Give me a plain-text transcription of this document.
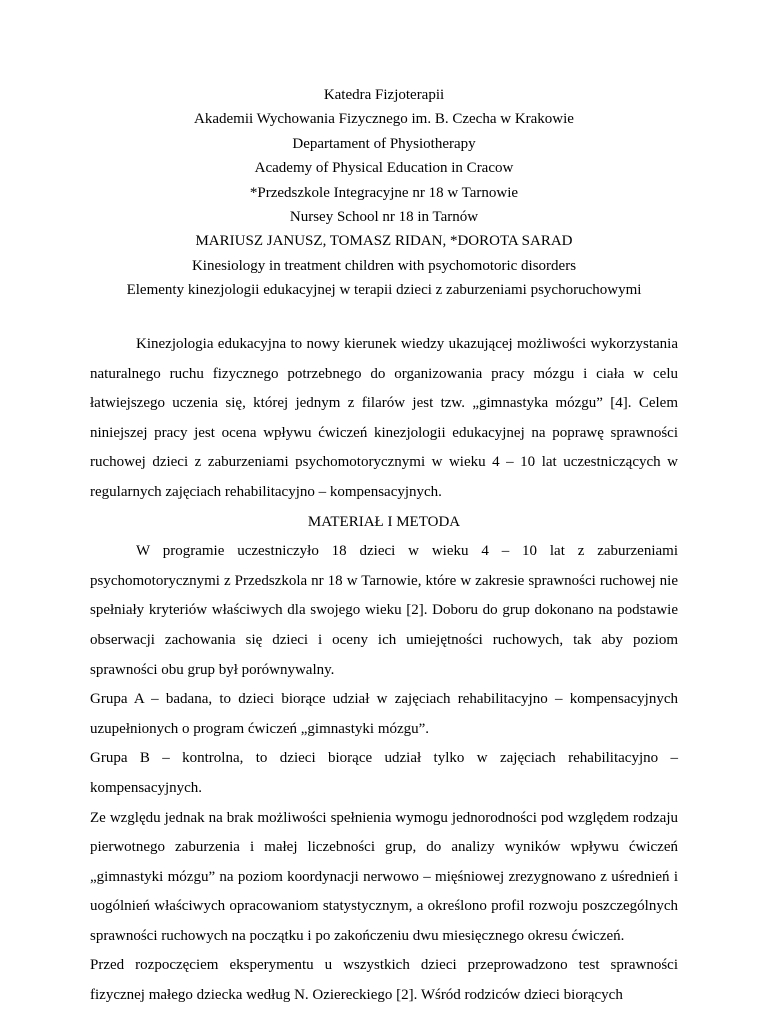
Katedra Fizjoterapii
Akademii Wychowania Fizycznego im. B. Czecha w Krakowie
Departament of Physiotherapy
Academy of Physical Education in Cracow
*Przedszkole Integracyjne nr 18 w Tarnowie
Nursey School nr 18 in Tarnów
MARIUSZ JANUSZ, TOMASZ RIDAN, *DOROTA SARAD
Kinesiology in treatment children with psychomotoric disorders
Elementy kinezjologii edukacyjnej w terapii dzieci z zaburzeniami psychoruchowymi

Kinezjologia edukacyjna to nowy kierunek wiedzy ukazującej możliwości wykorzystania naturalnego ruchu fizycznego potrzebnego do organizowania pracy mózgu i ciała w celu łatwiejszego uczenia się, której jednym z filarów jest tzw. „gimnastyka mózgu” [4]. Celem niniejszej pracy jest ocena wpływu ćwiczeń kinezjologii edukacyjnej na poprawę sprawności ruchowej dzieci z zaburzeniami psychomotorycznymi w wieku 4 – 10 lat uczestniczących w regularnych zajęciach rehabilitacyjno – kompensacyjnych.

MATERIAŁ I METODA

W programie uczestniczyło 18 dzieci w wieku 4 – 10 lat z zaburzeniami psychomotorycznymi z Przedszkola nr 18 w Tarnowie, które w zakresie sprawności ruchowej nie spełniały kryteriów właściwych dla swojego wieku [2]. Doboru do grup dokonano na podstawie obserwacji zachowania się dzieci i oceny ich umiejętności ruchowych, tak aby poziom sprawności obu grup był porównywalny.

Grupa A – badana, to dzieci biorące udział w zajęciach rehabilitacyjno – kompensacyjnych uzupełnionych o program ćwiczeń „gimnastyki mózgu”.

Grupa B – kontrolna, to dzieci biorące udział tylko w zajęciach rehabilitacyjno – kompensacyjnych.

Ze względu jednak na brak możliwości spełnienia wymogu jednorodności pod względem rodzaju pierwotnego zaburzenia i małej liczebności grup, do analizy wyników wpływu ćwiczeń „gimnastyki mózgu” na poziom koordynacji nerwowo – mięśniowej zrezygnowano z uśrednień i uogólnień właściwych opracowaniom statystycznym, a określono profil rozwoju poszczególnych sprawności ruchowych na początku i po zakończeniu dwu miesięcznego okresu ćwiczeń.

Przed rozpoczęciem eksperymentu u wszystkich dzieci przeprowadzono test sprawności fizycznej małego dziecka według N. Oziereckiego [2]. Wśród rodziców dzieci biorących
